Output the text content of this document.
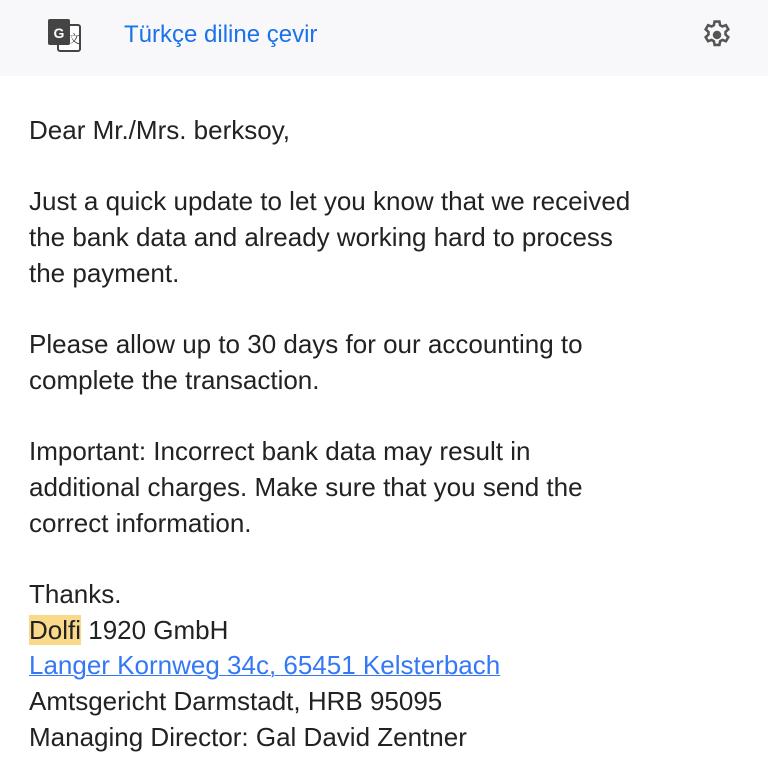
G 文 Türkçe diline çevir
Dear Mr./Mrs. berksoy,
Just a quick update to let you know that we received
the bank data and already working hard to process
the payment.
Please allow up to 30 days for our accounting to
complete the transaction.
Important: Incorrect bank data may result in
additional charges. Make sure that you send the
correct information.
Thanks.
Dolfi 1920 GmbH
Langer Kornweg 34c, 65451 Kelsterbach
Amtsgericht Darmstadt, HRB 95095
Managing Director: Gal David Zentner
